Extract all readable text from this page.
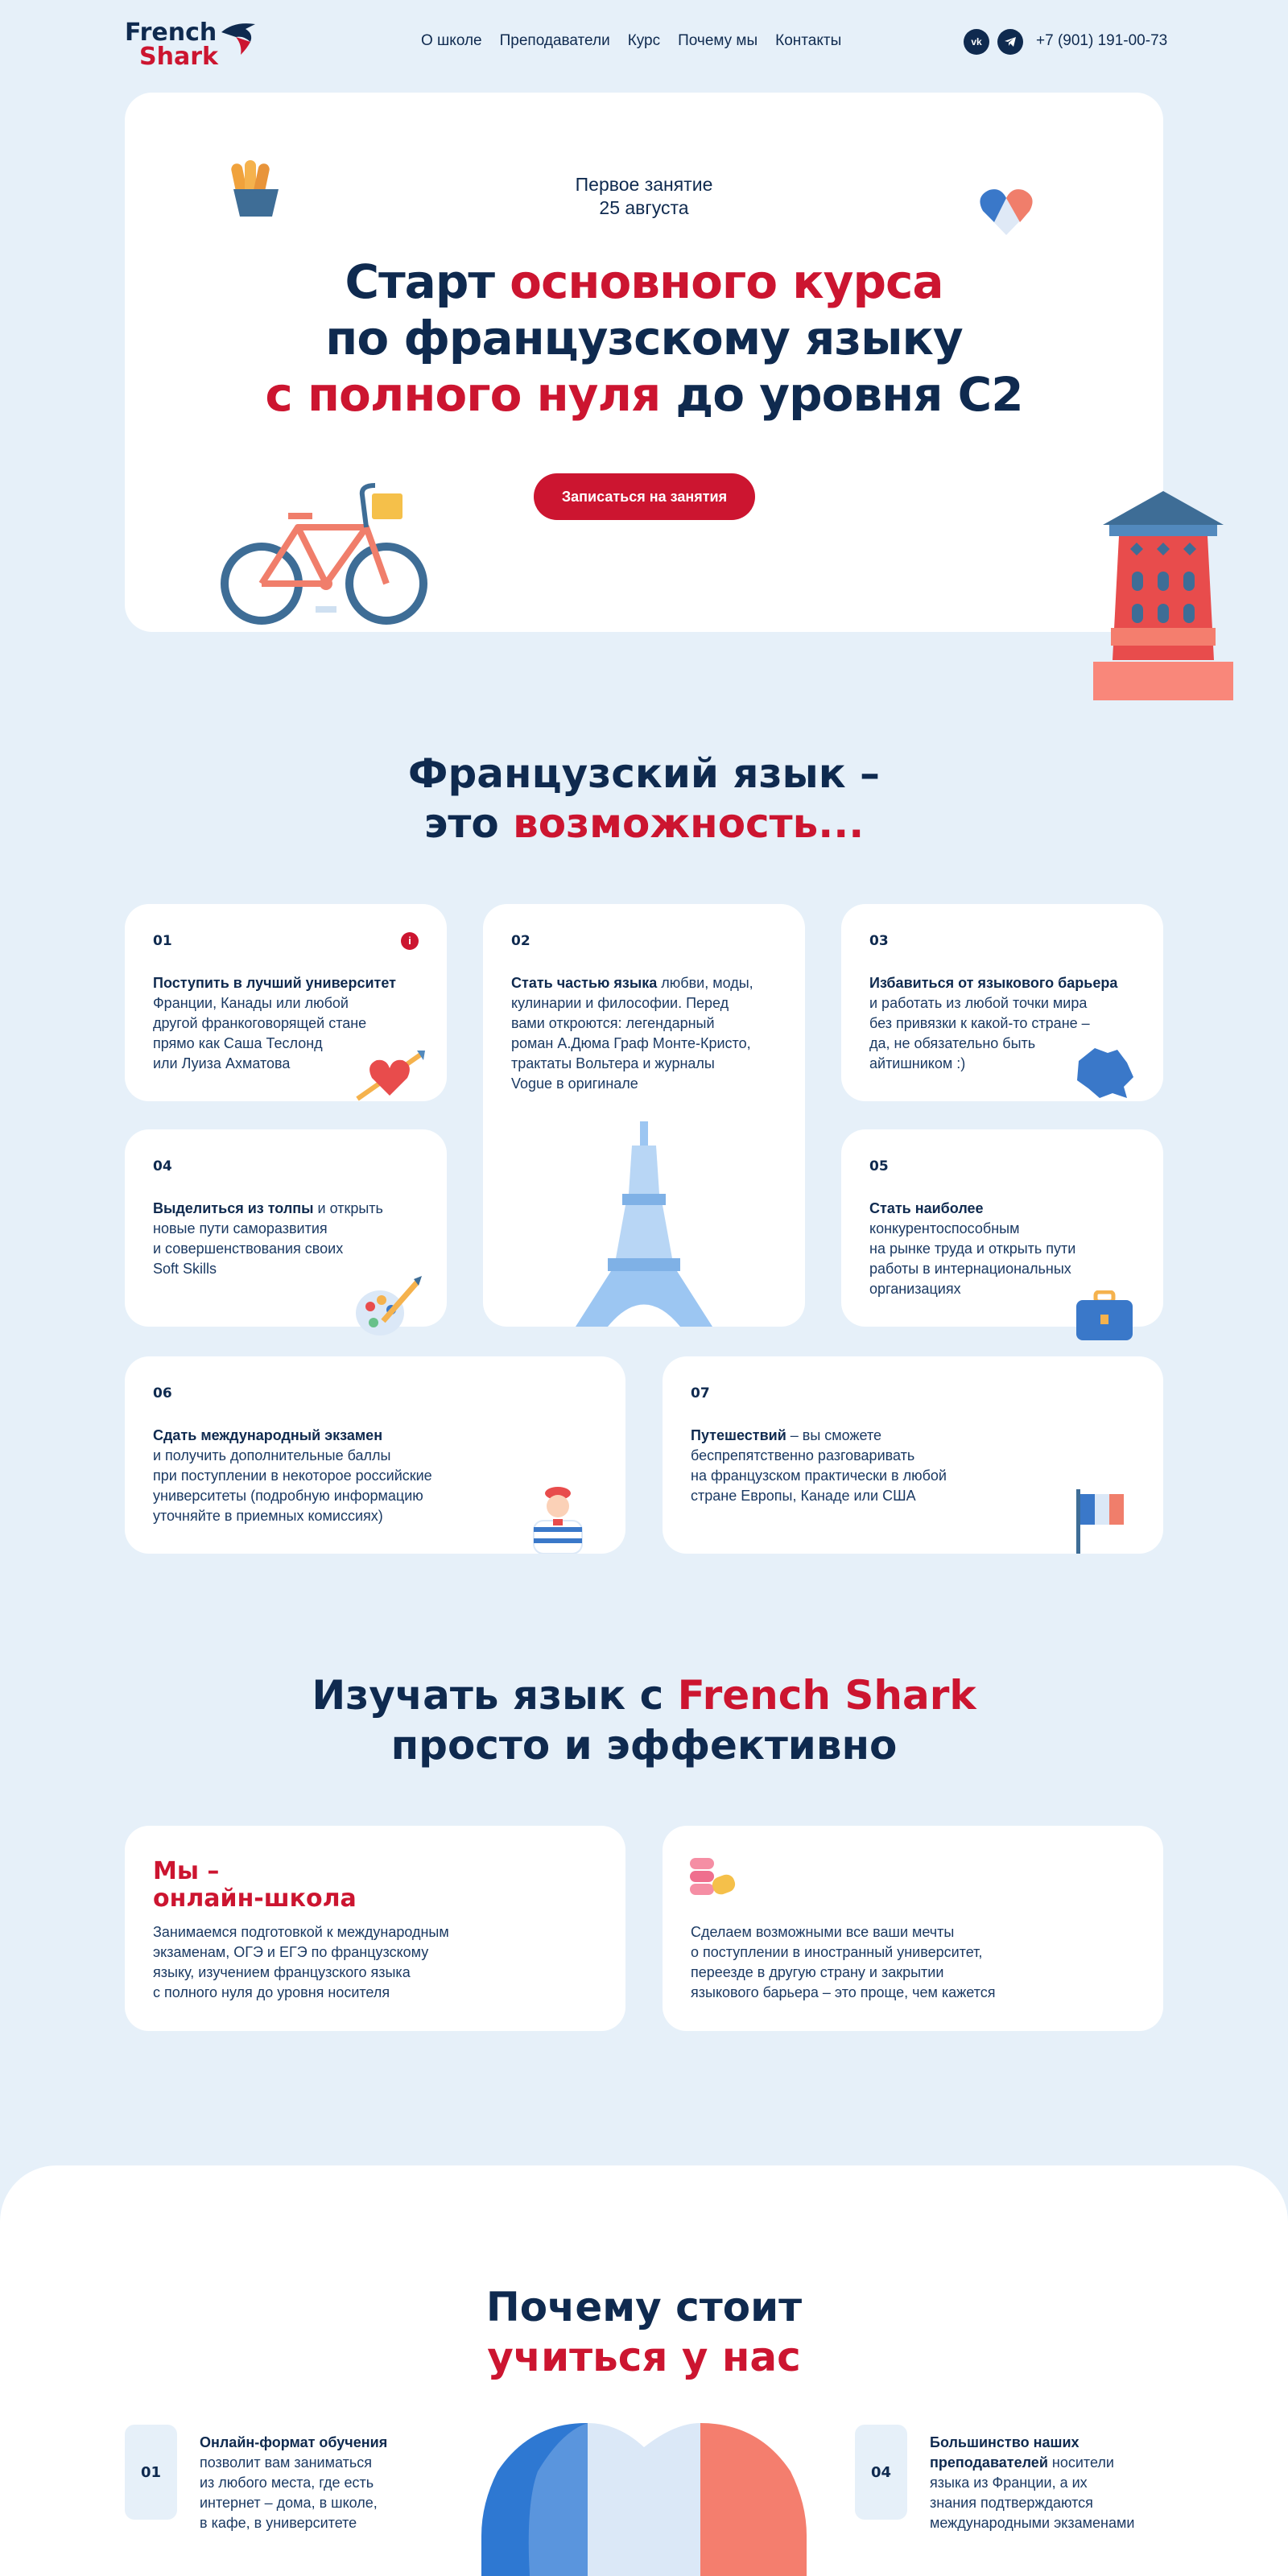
French
Shark
О школе Преподаватели Курс Почему мы Контакты	vk	+7 (901) 191-00-73
Первое занятие
25 августа
Старт основного курса
по французскому языку
с полного нуля до уровня С2
Записаться на занятия
Французский язык –
это возможность...
01	i
Поступить в лучший университет
Франции, Канады или любой
другой франкоговорящей стане
прямо как Саша Теслонд
или Луиза Ахматова
02
Стать частью языка любви, моды,
кулинарии и философии. Перед
вами откроются: легендарный
роман А.Дюма Граф Монте-Кристо,
трактаты Вольтера и журналы
Vogue в оригинале
03
Избавиться от языкового барьера
и работать из любой точки мира
без привязки к какой-то стране –
да, не обязательно быть
айтишником :)
04
Выделиться из толпы и открыть
новые пути саморазвития
и совершенствования своих
Soft Skills
05
Стать наиболее
конкурентоспособным
на рынке труда и открыть пути
работы в интернациональных
организациях
06
Сдать международный экзамен
и получить дополнительные баллы
при поступлении в некоторое российские
университеты (подробную информацию
уточняйте в приемных комиссиях)
07
Путешествий – вы сможете
беспрепятственно разговаривать
на французском практически в любой
стране Европы, Канаде или США
Изучать язык с French Shark
просто и эффективно
Мы –
онлайн-школа
Занимаемся подготовкой к международным
экзаменам, ОГЭ и ЕГЭ по французскому
языку, изучением французского языка
с полного нуля до уровня носителя
Сделаем возможными все ваши мечты
о поступлении в иностранный университет,
переезде в другую страну и закрытии
языкового барьера – это проще, чем кажется
Почему стоит
учиться у нас
01
Онлайн-формат обучения
позволит вам заниматься
из любого места, где есть
интернет – дома, в школе,
в кафе, в университете
04
Большинство наших
преподавателей носители
языка из Франции, а их
знания подтверждаются
международными экзаменами
